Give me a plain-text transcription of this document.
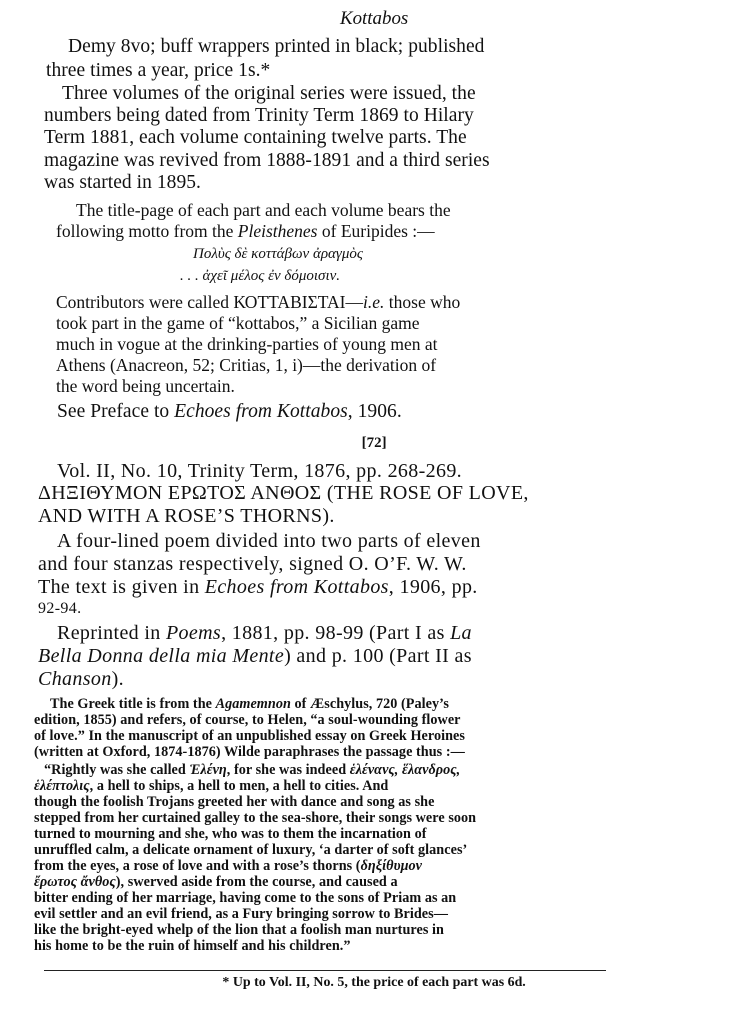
Kottabos
Demy 8vo; buff wrappers printed in black; published
three times a year, price 1s.*
Three volumes of the original series were issued, the
numbers being dated from Trinity Term 1869 to Hilary
Term 1881, each volume containing twelve parts. The
magazine was revived from 1888-1891 and a third series
was started in 1895.
The title-page of each part and each volume bears the
following motto from the Pleisthenes of Euripides :—
Πολὺς δὲ κοττάβων ἀραγμὸς
. . . ἀχεῖ μέλος ἐν δόμοισιν.
Contributors were called ΚΟΤΤΑΒΙΣΤΑΙ—i.e. those who
took part in the game of “kottabos,” a Sicilian game
much in vogue at the drinking-parties of young men at
Athens (Anacreon, 52; Critias, 1, i)—the derivation of
the word being uncertain.
See Preface to Echoes from Kottabos, 1906.
[72]
Vol. II, No. 10, Trinity Term, 1876, pp. 268-269.
ΔΗΞΙΘΥΜΟΝ ΕΡΩΤΟΣ ΑΝΘΟΣ (THE ROSE OF LOVE,
AND WITH A ROSE’S THORNS).
A four-lined poem divided into two parts of eleven
and four stanzas respectively, signed O. O’F. W. W.
The text is given in Echoes from Kottabos, 1906, pp.
92-94.
Reprinted in Poems, 1881, pp. 98-99 (Part I as La
Bella Donna della mia Mente) and p. 100 (Part II as
Chanson).
The Greek title is from the Agamemnon of Æschylus, 720 (Paley’s
edition, 1855) and refers, of course, to Helen, “a soul-wounding flower
of love.” In the manuscript of an unpublished essay on Greek Heroines
(written at Oxford, 1874-1876) Wilde paraphrases the passage thus :—
“Rightly was she called Ἑλένη, for she was indeed ἑλένανς, ἕλανδρος,
ἑλέπτολις, a hell to ships, a hell to men, a hell to cities. And
though the foolish Trojans greeted her with dance and song as she
stepped from her curtained galley to the sea-shore, their songs were soon
turned to mourning and she, who was to them the incarnation of
unruffled calm, a delicate ornament of luxury, ‘a darter of soft glances’
from the eyes, a rose of love and with a rose’s thorns (δηξίθυμον
ἔρωτος ἄνθος), swerved aside from the course, and caused a
bitter ending of her marriage, having come to the sons of Priam as an
evil settler and an evil friend, as a Fury bringing sorrow to Brides—
like the bright-eyed whelp of the lion that a foolish man nurtures in
his home to be the ruin of himself and his children.”
* Up to Vol. II, No. 5, the price of each part was 6d.
